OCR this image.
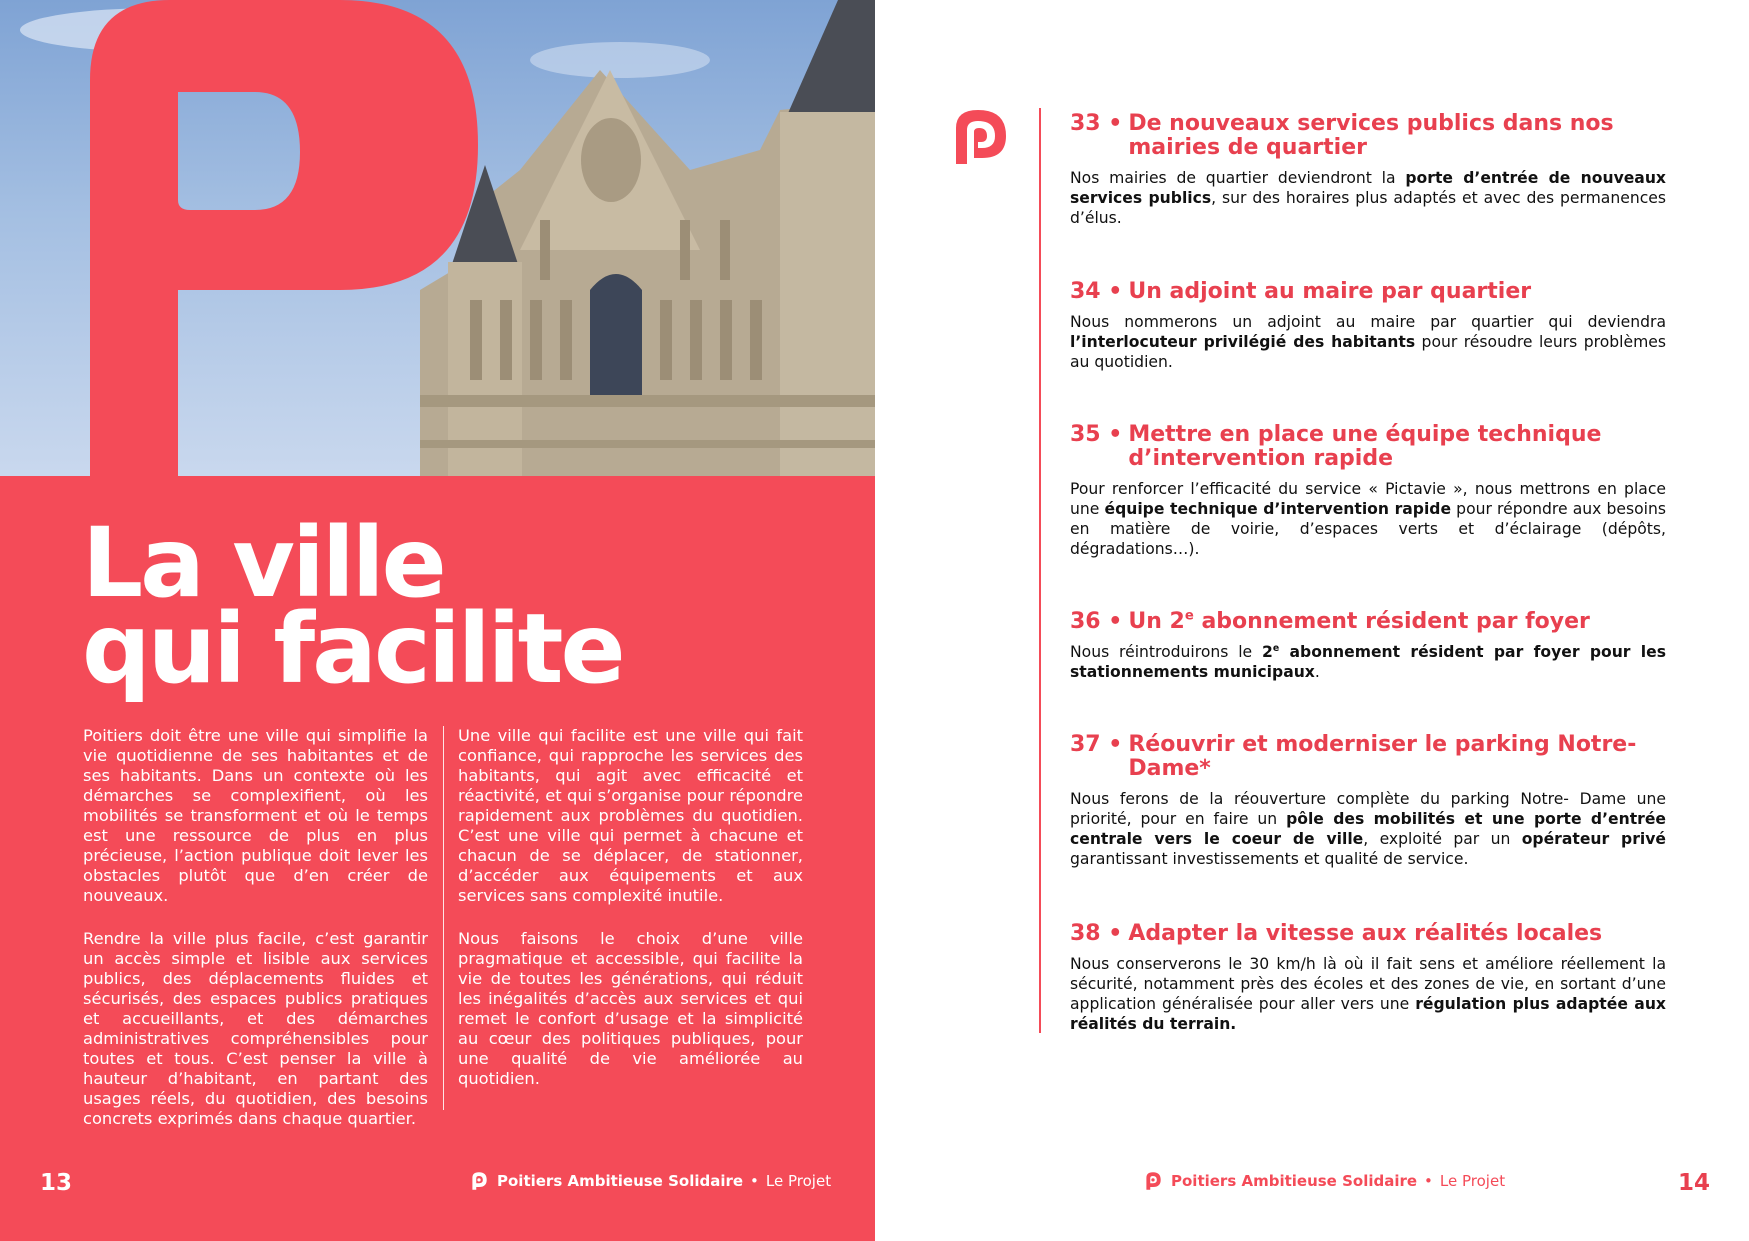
La ville
qui facilite

Poitiers doit être une ville qui simplifie la vie quotidienne de ses habitantes et de ses habitants. Dans un contexte où les démarches se complexifient, où les mobilités se transforment et où le temps est une ressource de plus en plus précieuse, l’action publique doit lever les obstacles plutôt que d’en créer de nouveaux.

Rendre la ville plus facile, c’est garantir un accès simple et lisible aux services publics, des déplacements fluides et sécurisés, des espaces publics pratiques et accueillants, et des démarches administratives compréhensibles pour toutes et tous. C’est penser la ville à hauteur d’habitant, en partant des usages réels, du quotidien, des besoins concrets exprimés dans chaque quartier.

Une ville qui facilite est une ville qui fait confiance, qui rapproche les services des habitants, qui agit avec efficacité et réactivité, et qui s’organise pour répondre rapidement aux problèmes du quotidien. C’est une ville qui permet à chacune et chacun de se déplacer, de stationner, d’accéder aux équipements et aux services sans complexité inutile.

Nous faisons le choix d’une ville pragmatique et accessible, qui facilite la vie de toutes les générations, qui réduit les inégalités d’accès aux services et qui remet le confort d’usage et la simplicité au cœur des politiques publiques, pour une qualité de vie améliorée au quotidien.

13	Poitiers Ambitieuse Solidaire • Le Projet
33 • De nouveaux services publics dans nos mairies de quartier

Nos mairies de quartier deviendront la porte d’entrée de nouveaux services publics, sur des horaires plus adaptés et avec des permanences d’élus.

34 • Un adjoint au maire par quartier

Nous nommerons un adjoint au maire par quartier qui deviendra l’interlocuteur privilégié des habitants pour résoudre leurs problèmes au quotidien.

35 • Mettre en place une équipe technique d’intervention rapide

Pour renforcer l’efficacité du service « Pictavie », nous mettrons en place une équipe technique d’intervention rapide pour répondre aux besoins en matière de voirie, d’espaces verts et d’éclairage (dépôts, dégradations…).

36 • Un 2e abonnement résident par foyer

Nous réintroduirons le 2e abonnement résident par foyer pour les stationnements municipaux.

37 • Réouvrir et moderniser le parking Notre-Dame*

Nous ferons de la réouverture complète du parking Notre- Dame une priorité, pour en faire un pôle des mobilités et une porte d’entrée centrale vers le coeur de ville, exploité par un opérateur privé garantissant investissements et qualité de service.

38 • Adapter la vitesse aux réalités locales

Nous conserverons le 30 km/h là où il fait sens et améliore réellement la sécurité, notamment près des écoles et des zones de vie, en sortant d’une application généralisée pour aller vers une régulation plus adaptée aux réalités du terrain.

Poitiers Ambitieuse Solidaire • Le Projet	14
